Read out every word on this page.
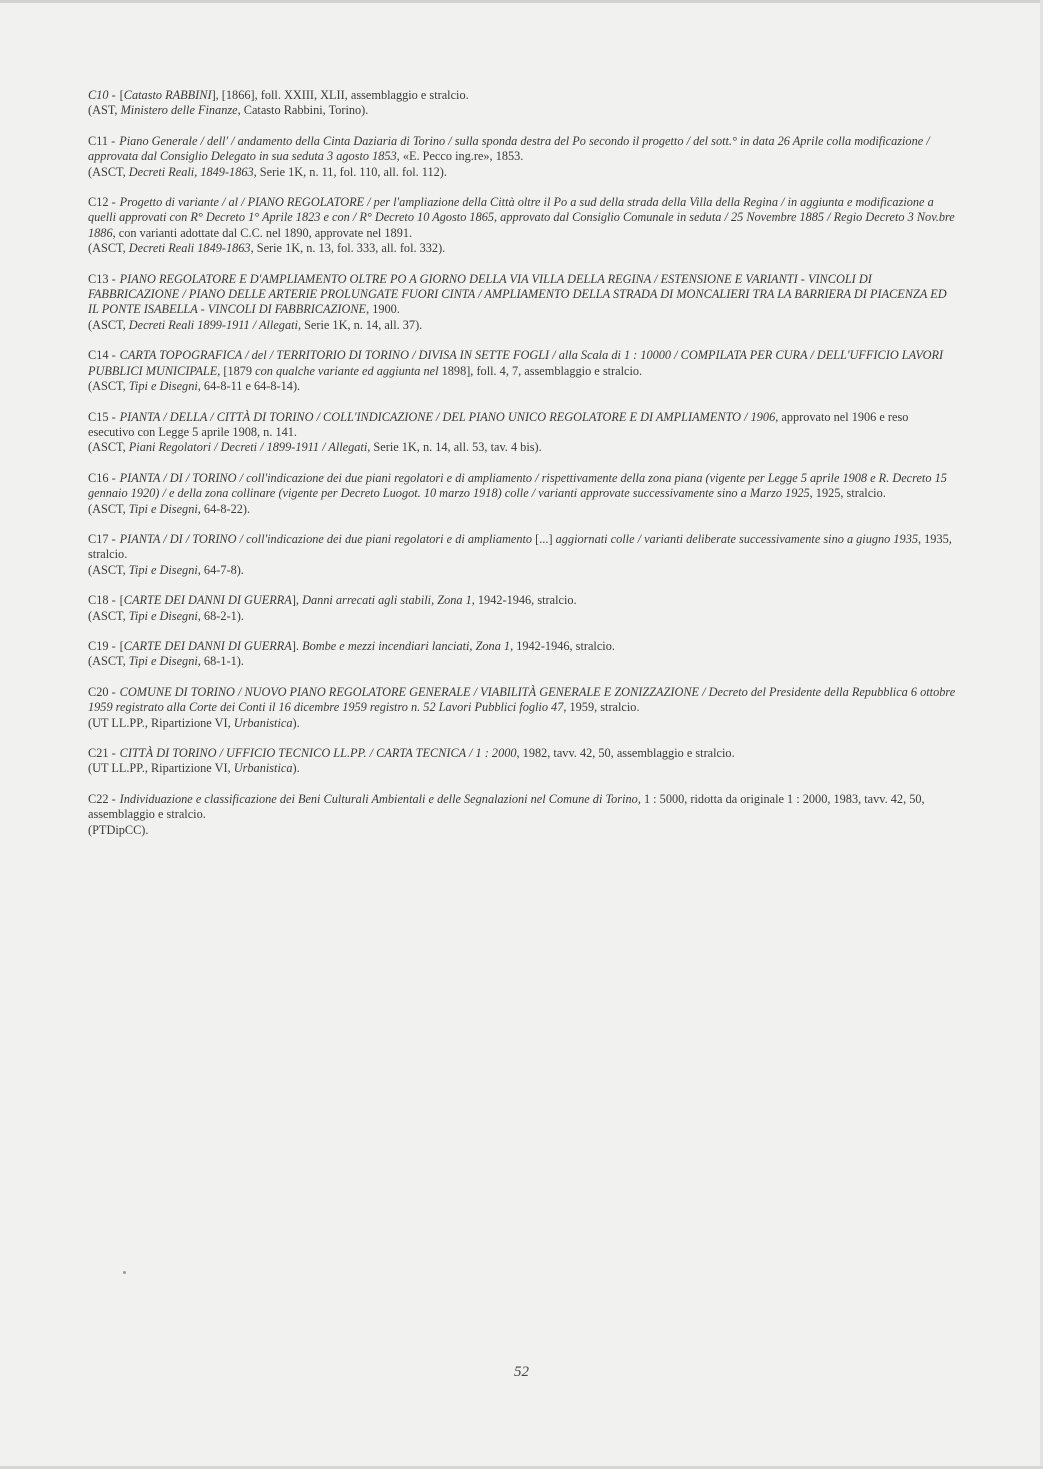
C10 - [Catasto RABBINI], [1866], foll. XXIII, XLII, assemblaggio e stralcio.

(AST, Ministero delle Finanze, Catasto Rabbini, Torino).

C11 - Piano Generale / dell' / andamento della Cinta Daziaria di Torino / sulla sponda destra del Po secondo il progetto / del sott.° in data 26 Aprile colla modificazione / approvata dal Consiglio Delegato in sua seduta 3 agosto 1853, «E. Pecco ing.re», 1853.

(ASCT, Decreti Reali, 1849-1863, Serie 1K, n. 11, fol. 110, all. fol. 112).

C12 - Progetto di variante / al / PIANO REGOLATORE / per l'ampliazione della Città oltre il Po a sud della strada della Villa della Regina / in aggiunta e modificazione a quelli approvati con R° Decreto 1° Aprile 1823 e con / R° Decreto 10 Agosto 1865, approvato dal Consiglio Comunale in seduta / 25 Novembre 1885 / Regio Decreto 3 Nov.bre 1886, con varianti adottate dal C.C. nel 1890, approvate nel 1891.

(ASCT, Decreti Reali 1849-1863, Serie 1K, n. 13, fol. 333, all. fol. 332).

C13 - PIANO REGOLATORE E D'AMPLIAMENTO OLTRE PO A GIORNO DELLA VIA VILLA DELLA REGINA / ESTENSIONE E VARIANTI - VINCOLI DI FABBRICAZIONE / PIANO DELLE ARTERIE PROLUNGATE FUORI CINTA / AMPLIAMENTO DELLA STRADA DI MONCALIERI TRA LA BARRIERA DI PIACENZA ED IL PONTE ISABELLA - VINCOLI DI FABBRICAZIONE, 1900.

(ASCT, Decreti Reali 1899-1911 / Allegati, Serie 1K, n. 14, all. 37).

C14 - CARTA TOPOGRAFICA / del / TERRITORIO DI TORINO / DIVISA IN SETTE FOGLI / alla Scala di 1 : 10000 / COMPILATA PER CURA / DELL'UFFICIO LAVORI PUBBLICI MUNICIPALE, [1879 con qualche variante ed aggiunta nel 1898], foll. 4, 7, assemblaggio e stralcio.

(ASCT, Tipi e Disegni, 64-8-11 e 64-8-14).

C15 - PIANTA / DELLA / CITTÀ DI TORINO / COLL'INDICAZIONE / DEL PIANO UNICO REGOLATORE E DI AMPLIAMENTO / 1906, approvato nel 1906 e reso esecutivo con Legge 5 aprile 1908, n. 141.

(ASCT, Piani Regolatori / Decreti / 1899-1911 / Allegati, Serie 1K, n. 14, all. 53, tav. 4 bis).

C16 - PIANTA / DI / TORINO / coll'indicazione dei due piani regolatori e di ampliamento / rispettivamente della zona piana (vigente per Legge 5 aprile 1908 e R. Decreto 15 gennaio 1920) / e della zona collinare (vigente per Decreto Luogot. 10 marzo 1918) colle / varianti approvate successivamente sino a Marzo 1925, 1925, stralcio.

(ASCT, Tipi e Disegni, 64-8-22).

C17 - PIANTA / DI / TORINO / coll'indicazione dei due piani regolatori e di ampliamento [...] aggiornati colle / varianti deliberate successivamente sino a giugno 1935, 1935, stralcio.

(ASCT, Tipi e Disegni, 64-7-8).

C18 - [CARTE DEI DANNI DI GUERRA], Danni arrecati agli stabili, Zona 1, 1942-1946, stralcio.

(ASCT, Tipi e Disegni, 68-2-1).

C19 - [CARTE DEI DANNI DI GUERRA]. Bombe e mezzi incendiari lanciati, Zona 1, 1942-1946, stralcio.

(ASCT, Tipi e Disegni, 68-1-1).

C20 - COMUNE DI TORINO / NUOVO PIANO REGOLATORE GENERALE / VIABILITÀ GENERALE E ZONIZZAZIONE / Decreto del Presidente della Repubblica 6 ottobre 1959 registrato alla Corte dei Conti il 16 dicembre 1959 registro n. 52 Lavori Pubblici foglio 47, 1959, stralcio.

(UT LL.PP., Ripartizione VI, Urbanistica).

C21 - CITTÀ DI TORINO / UFFICIO TECNICO LL.PP. / CARTA TECNICA / 1 : 2000, 1982, tavv. 42, 50, assemblaggio e stralcio.

(UT LL.PP., Ripartizione VI, Urbanistica).

C22 - Individuazione e classificazione dei Beni Culturali Ambientali e delle Segnalazioni nel Comune di Torino, 1 : 5000, ridotta da originale 1 : 2000, 1983, tavv. 42, 50, assemblaggio e stralcio.

(PTDipCC).

52
